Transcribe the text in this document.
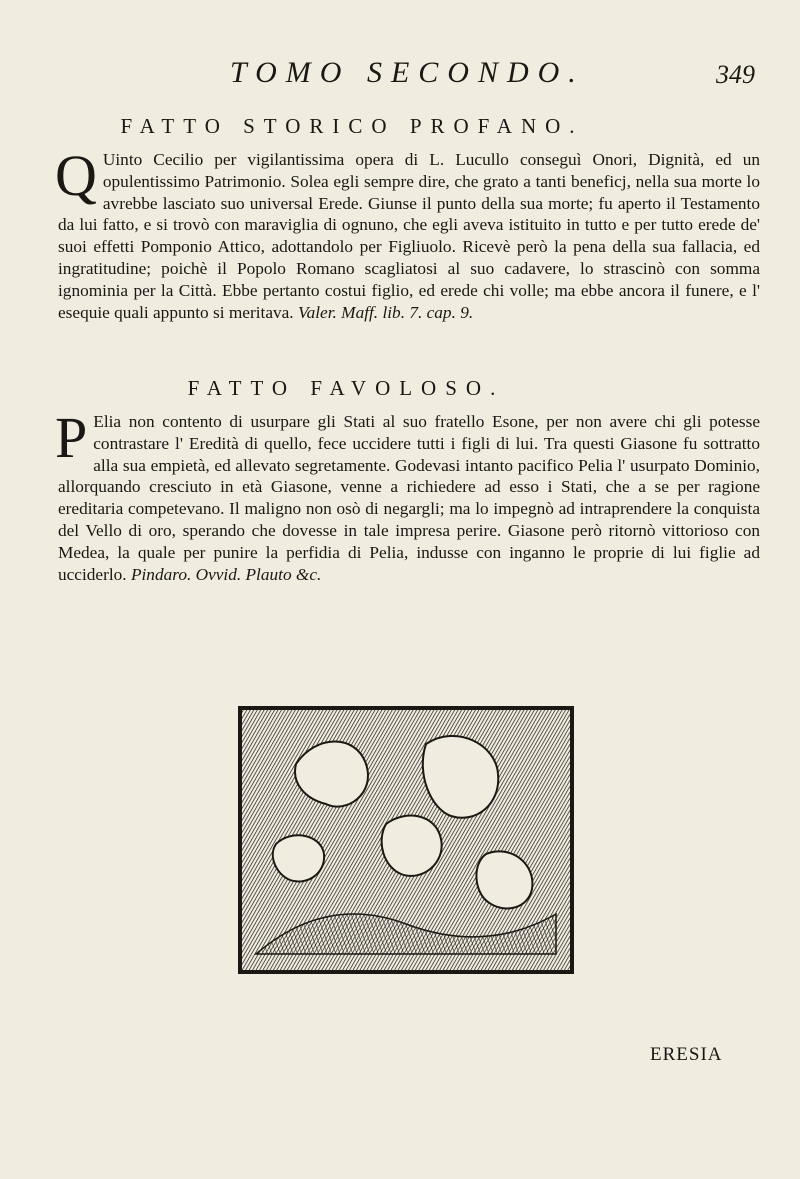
TOMO SECONDO.	349
FATTO STORICO PROFANO.
Q Uinto Cecilio per vigilantissima opera di L. Lucullo conseguì Onori, Dignità, ed un opulentissimo Patrimonio. Solea egli sempre dire, che grato a tanti beneficj, nella sua morte lo avrebbe lasciato suo universal Erede. Giunse il punto della sua morte; fu aperto il Testamento da lui fatto, e si trovò con maraviglia di ognuno, che egli aveva istituito in tutto e per tutto erede de' suoi effetti Pomponio Attico, adottandolo per Figliuolo. Ricevè però la pena della sua fallacia, ed ingratitudine; poichè il Popolo Romano scagliatosi al suo cadavere, lo strascinò con somma ignominia per la Città. Ebbe pertanto costui figlio, ed erede chi volle; ma ebbe ancora il funere, e l' esequie quali appunto si meritava. Valer. Maff. lib. 7. cap. 9.
FATTO FAVOLOSO.
P Elia non contento di usurpare gli Stati al suo fratello Esone, per non avere chi gli potesse contrastare l' Eredità di quello, fece uccidere tutti i figli di lui. Tra questi Giasone fu sottratto alla sua empietà, ed allevato segretamente. Godevasi intanto pacifico Pelia l' usurpato Dominio, allorquando cresciuto in età Giasone, venne a richiedere ad esso i Stati, che a se per ragione ereditaria competevano. Il maligno non osò di negargli; ma lo impegnò ad intraprendere la conquista del Vello di oro, sperando che dovesse in tale impresa perire. Giasone però ritornò vittorioso con Medea, la quale per punire la perfidia di Pelia, indusse con inganno le proprie di lui figlie ad ucciderlo. Pindaro. Ovvid. Plauto &c.
ERESIA
